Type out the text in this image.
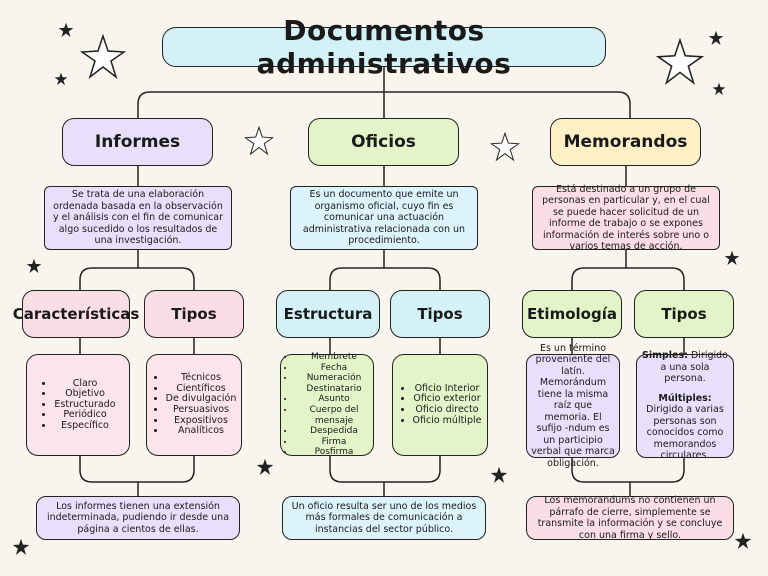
Documentos administrativos
Informes	Oficios	Memorandos
Se trata de una elaboración ordenada basada en la observación y el análisis con el fin de comunicar algo sucedido o los resultados de una investigación.
Es un documento que emite un organismo oficial, cuyo fin es comunicar una actuación administrativa relacionada con un procedimiento.
Está destinado a un grupo de personas en particular y, en el cual se puede hacer solicitud de un informe de trabajo o se expones información de interés sobre uno o varios temas de acción.
Características	Tipos	Estructura	Tipos	Etimología	Tipos
• Claro
• Objetivo
• Estructurado
• Periódico
• Específico
• Técnicos
• Científicos
• De divulgación
• Persuasivos
• Expositivos
• Analíticos
• Membrete
• Fecha
• Numeración
Destinatario
• Asunto
• Cuerpo del mensaje
• Despedida
• Firma
• Posfirma
• Oficio Interior
• Oficio exterior
• Oficio directo
• Oficio múltiple
Es un término proveniente del latín. Memorándum tiene la misma raíz que memoria. El sufijo -ndum es un participio verbal que marca obligación.
Simples: Dirigido a una sola persona.
Múltiples: Dirigido a varias personas son conocidos como memorandos circulares.
Los informes tienen una extensión indeterminada, pudiendo ir desde una página a cientos de ellas.
Un oficio resulta ser uno de los medios más formales de comunicación a instancias del sector público.
Los memorandums no contienen un párrafo de cierre, simplemente se transmite la información y se concluye con una firma y sello.
